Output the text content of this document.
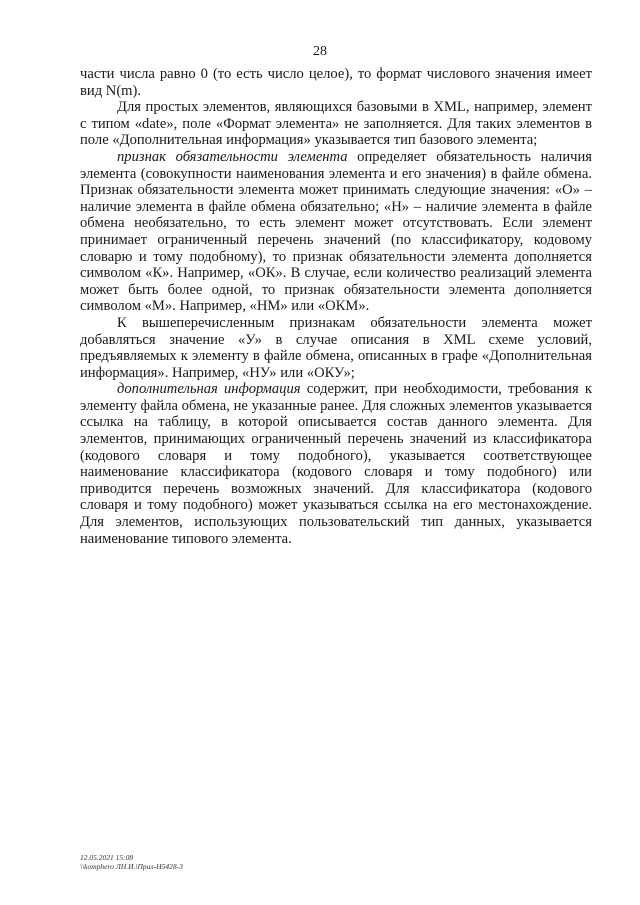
28

части числа равно 0 (то есть число целое), то формат числового значения имеет вид N(m).

Для простых элементов, являющихся базовыми в XML, например, элемент с типом «date», поле «Формат элемента» не заполняется. Для таких элементов в поле «Дополнительная информация» указывается тип базового элемента;

признак обязательности элемента определяет обязательность наличия элемента (совокупности наименования элемента и его значения) в файле обмена. Признак обязательности элемента может принимать следующие значения: «О» – наличие элемента в файле обмена обязательно; «Н» – наличие элемента в файле обмена необязательно, то есть элемент может отсутствовать. Если элемент принимает ограниченный перечень значений (по классификатору, кодовому словарю и тому подобному), то признак обязательности элемента дополняется символом «К». Например, «ОК». В случае, если количество реализаций элемента может быть более одной, то признак обязательности элемента дополняется символом «М». Например, «НМ» или «ОКМ».

К вышеперечисленным признакам обязательности элемента может добавляться значение «У» в случае описания в XML схеме условий, предъявляемых к элементу в файле обмена, описанных в графе «Дополнительная информация». Например, «НУ» или «ОКУ»;

дополнительная информация содержит, при необходимости, требования к элементу файла обмена, не указанные ранее. Для сложных элементов указывается ссылка на таблицу, в которой описывается состав данного элемента. Для элементов, принимающих ограниченный перечень значений из классификатора (кодового словаря и тому подобного), указывается соответствующее наименование классификатора (кодового словаря и тому подобного) или приводится перечень возможных значений. Для классификатора (кодового словаря и тому подобного) может указываться ссылка на его местонахождение. Для элементов, использующих пользовательский тип данных, указывается наименование типового элемента.

12.05.2021 15:08
\\komphero ЛН.И.\Прил-Н5428-3
